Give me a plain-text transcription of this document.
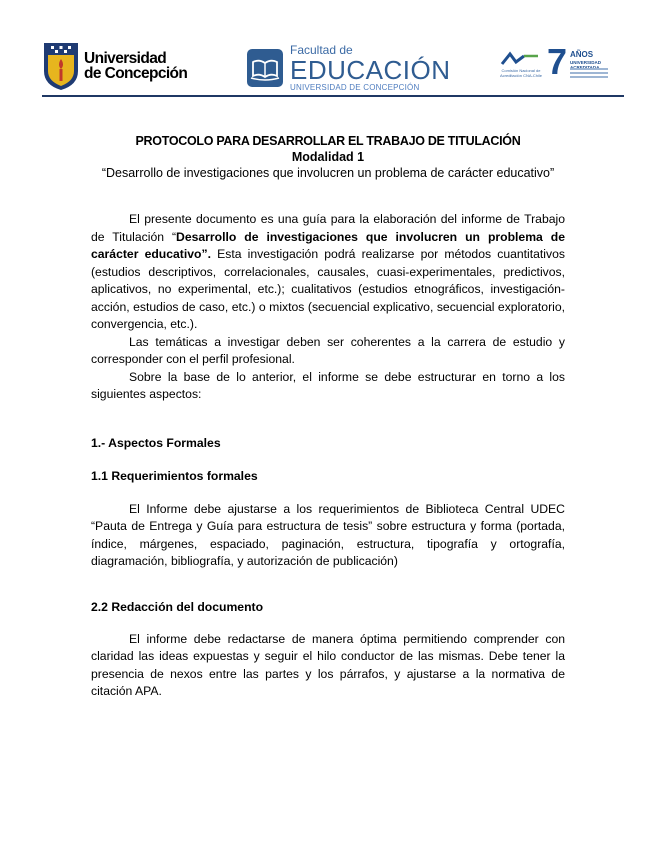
Universidad
de Concepción
Facultad de
EDUCACIÓN
UNIVERSIDAD DE CONCEPCIÓN
Comisión Nacional de Acreditación CNA-Chile 7 AÑOS
UNIVERSIDAD
PROTOCOLO PARA DESARROLLAR EL TRABAJO DE TITULACIÓN
Modalidad 1
“Desarrollo de investigaciones que involucren un problema de carácter educativo”

El presente documento es una guía para la elaboración del informe de Trabajo de Titulación “Desarrollo de investigaciones que involucren un problema de carácter educativo”. Esta investigación podrá realizarse por métodos cuantitativos (estudios descriptivos, correlacionales, causales, cuasi-experimentales, predictivos, aplicativos, no experimental, etc.); cualitativos (estudios etnográficos, investigación-acción, estudios de caso, etc.) o mixtos (secuencial explicativo, secuencial exploratorio, convergencia, etc.).

Las temáticas a investigar deben ser coherentes a la carrera de estudio y corresponder con el perfil profesional.

Sobre la base de lo anterior, el informe se debe estructurar en torno a los siguientes aspectos:

1.- Aspectos Formales
1.1 Requerimientos formales

El Informe debe ajustarse a los requerimientos de Biblioteca Central UDEC “Pauta de Entrega y Guía para estructura de tesis” sobre estructura y forma (portada, índice, márgenes, espaciado, paginación, estructura, tipografía y ortografía, diagramación, bibliografía, y autorización de publicación)

2.2 Redacción del documento

El informe debe redactarse de manera óptima permitiendo comprender con claridad las ideas expuestas y seguir el hilo conductor de las mismas. Debe tener la presencia de nexos entre las partes y los párrafos, y ajustarse a la normativa de citación APA.
